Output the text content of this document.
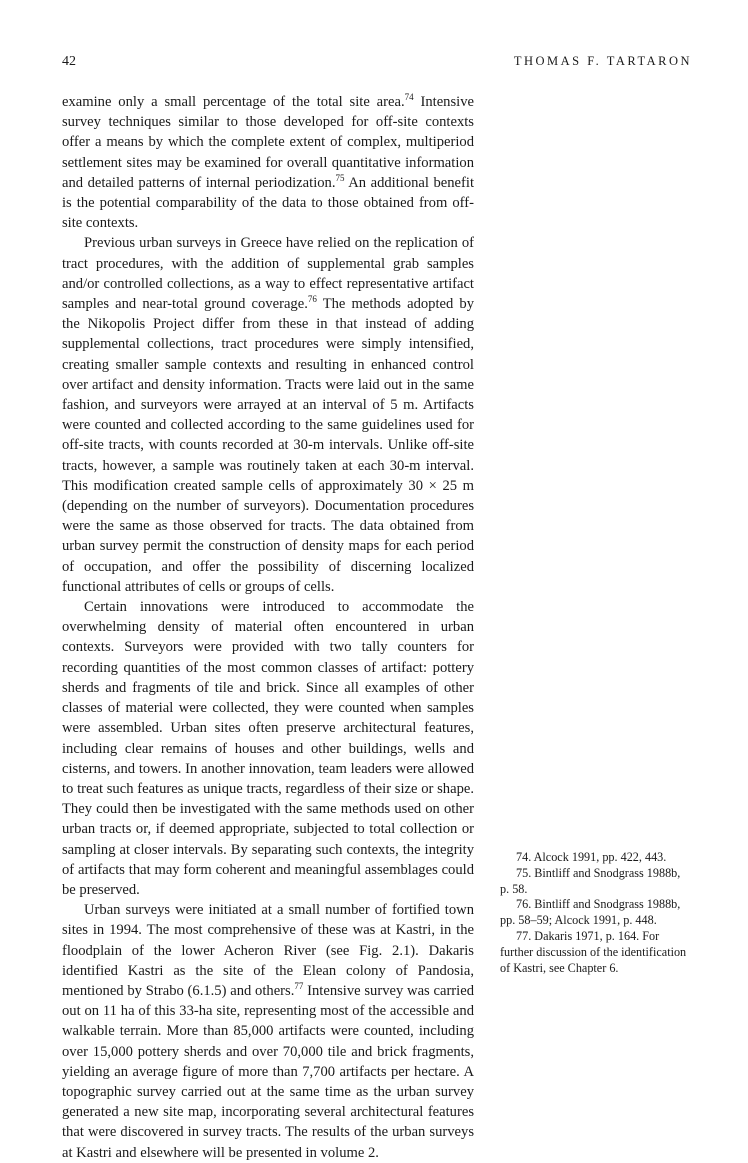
42	THOMAS F. TARTARON

examine only a small percentage of the total site area.$^{74}$ Intensive survey techniques similar to those developed for off-site contexts offer a means by which the complete extent of complex, multiperiod settlement sites may be examined for overall quantitative information and detailed patterns of internal periodization.$^{75}$ An additional benefit is the potential comparability of the data to those obtained from off-site contexts.

Previous urban surveys in Greece have relied on the replication of tract procedures, with the addition of supplemental grab samples and/or controlled collections, as a way to effect representative artifact samples and near-total ground coverage.$^{76}$ The methods adopted by the Nikopolis Project differ from these in that instead of adding supplemental collections, tract procedures were simply intensified, creating smaller sample contexts and resulting in enhanced control over artifact and density information. Tracts were laid out in the same fashion, and surveyors were arrayed at an interval of 5 m. Artifacts were counted and collected according to the same guidelines used for off-site tracts, with counts recorded at 30-m intervals. Unlike off-site tracts, however, a sample was routinely taken at each 30-m interval. This modification created sample cells of approximately 30 × 25 m (depending on the number of surveyors). Documentation procedures were the same as those observed for tracts. The data obtained from urban survey permit the construction of density maps for each period of occupation, and offer the possibility of discerning localized functional attributes of cells or groups of cells.

Certain innovations were introduced to accommodate the overwhelming density of material often encountered in urban contexts. Surveyors were provided with two tally counters for recording quantities of the most common classes of artifact: pottery sherds and fragments of tile and brick. Since all examples of other classes of material were collected, they were counted when samples were assembled. Urban sites often preserve architectural features, including clear remains of houses and other buildings, wells and cisterns, and towers. In another innovation, team leaders were allowed to treat such features as unique tracts, regardless of their size or shape. They could then be investigated with the same methods used on other urban tracts or, if deemed appropriate, subjected to total collection or sampling at closer intervals. By separating such contexts, the integrity of artifacts that may form coherent and meaningful assemblages could be preserved.

Urban surveys were initiated at a small number of fortified town sites in 1994. The most comprehensive of these was at Kastri, in the floodplain of the lower Acheron River (see Fig. 2.1). Dakaris identified Kastri as the site of the Elean colony of Pandosia, mentioned by Strabo (6.1.5) and others.$^{77}$ Intensive survey was carried out on 11 ha of this 33-ha site, representing most of the accessible and walkable terrain. More than 85,000 artifacts were counted, including over 15,000 pottery sherds and over 70,000 tile and brick fragments, yielding an average figure of more than 7,700 artifacts per hectare. A topographic survey carried out at the same time as the urban survey generated a new site map, incorporating several architectural features that were discovered in survey tracts. The results of the urban surveys at Kastri and elsewhere will be presented in volume 2.

74. Alcock 1991, pp. 422, 443.

75. Bintliff and Snodgrass 1988b, p. 58.

76. Bintliff and Snodgrass 1988b, pp. 58–59; Alcock 1991, p. 448.

77. Dakaris 1971, p. 164. For further discussion of the identification of Kastri, see Chapter 6.
